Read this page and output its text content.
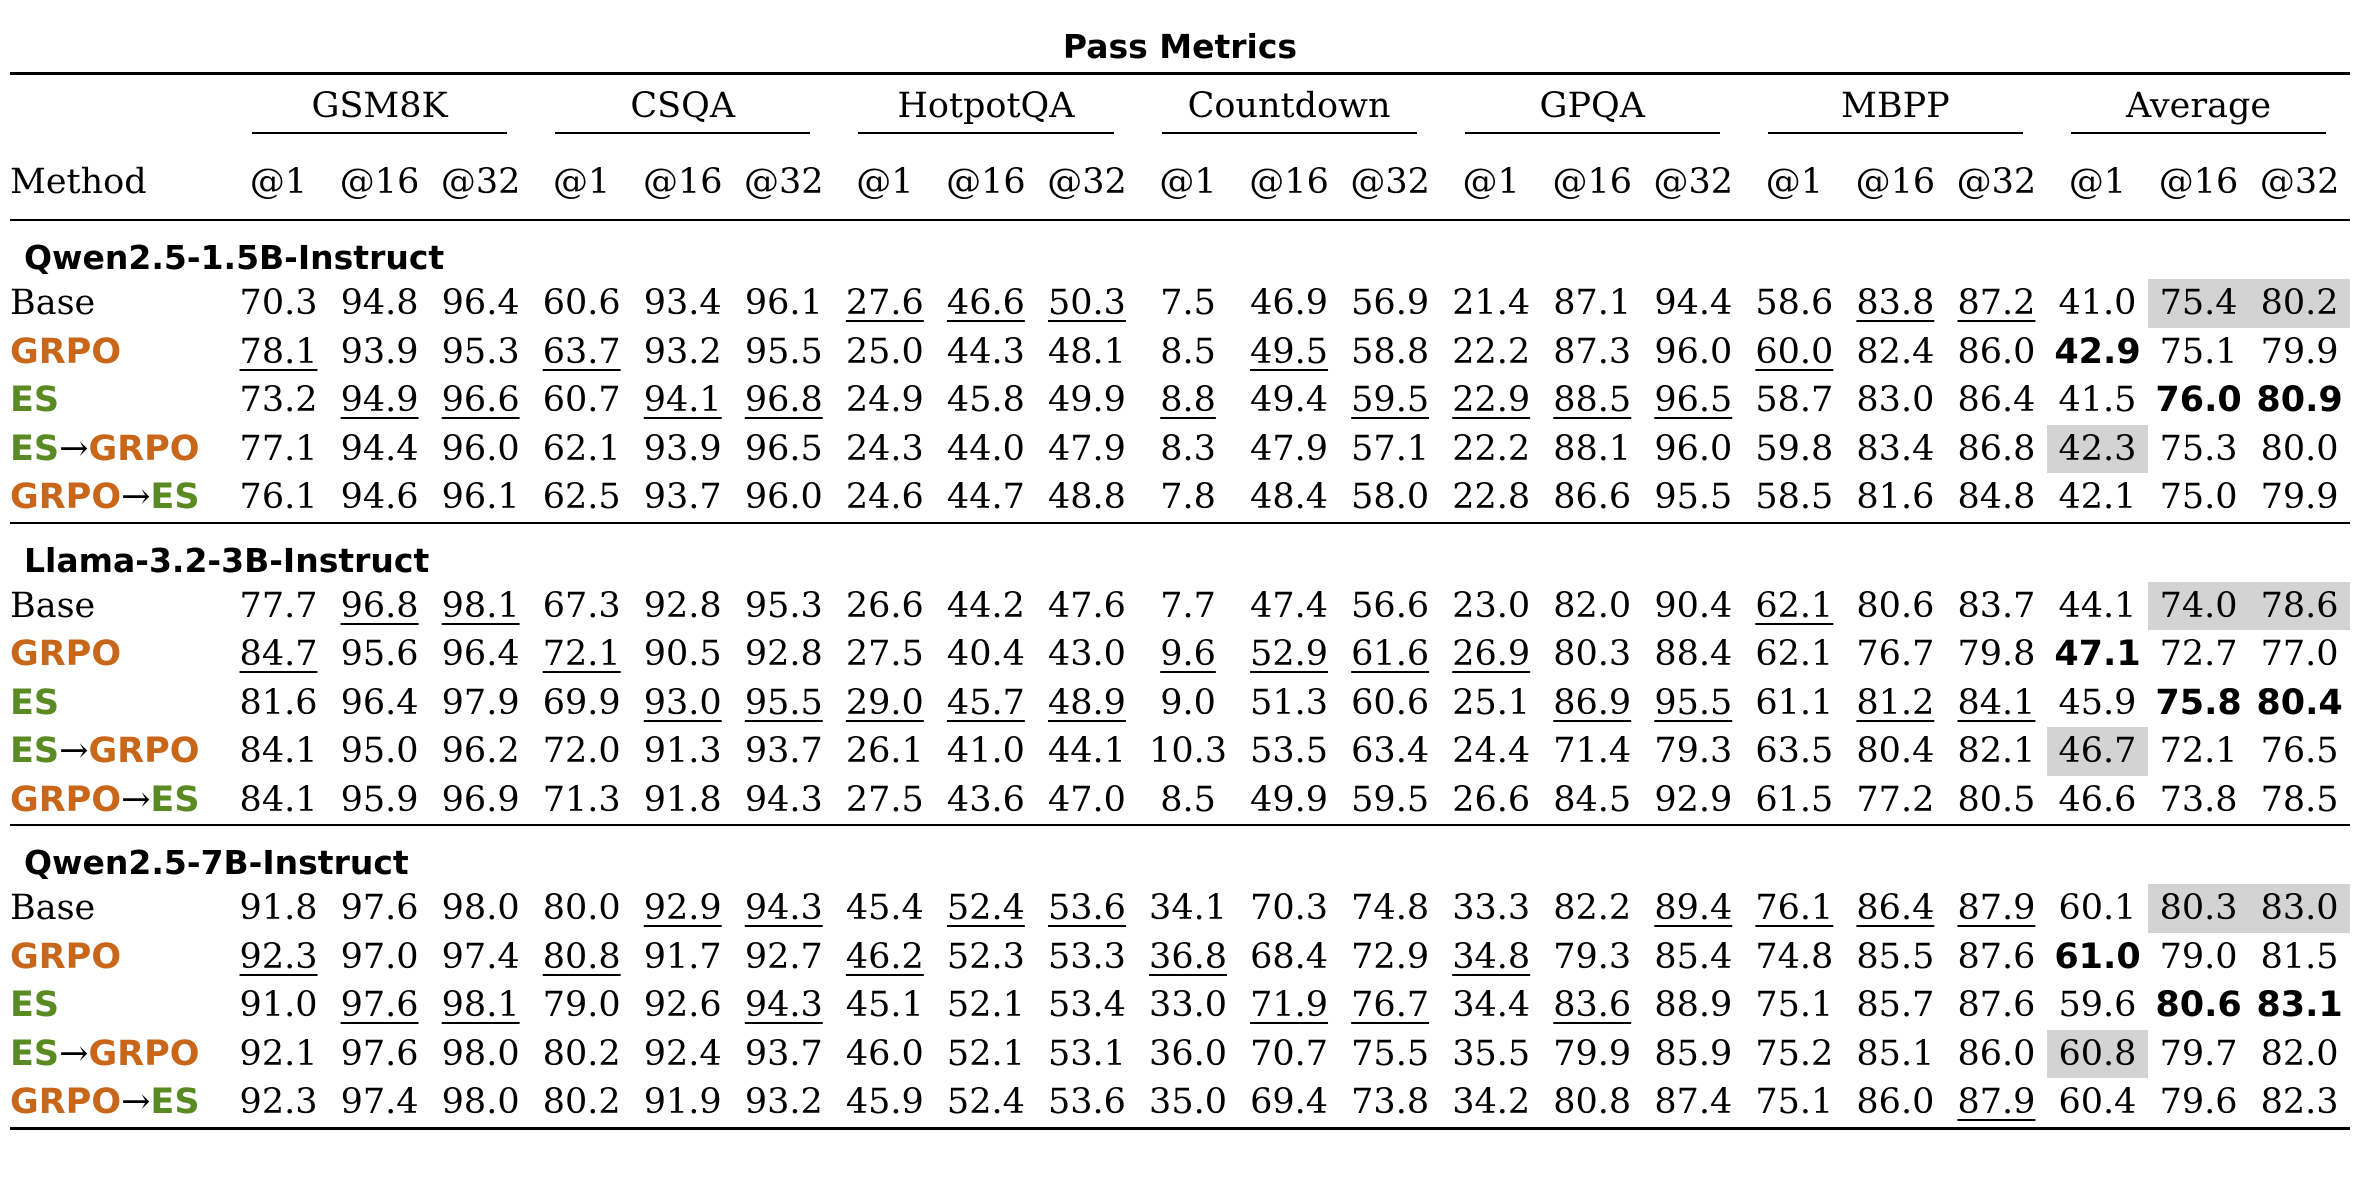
Pass Metrics
	GSM8K			CSQA			HotpotQA			Countdown			GPQA			MBPP			Average		
Method	@1	@16	@32	@1	@16	@32	@1	@16	@32	@1	@16	@32	@1	@16	@32	@1	@16	@32	@1	@16	@32
Qwen2.5-1.5B-Instruct																					
Base	70.3	94.8	96.4	60.6	93.4	96.1	27.6	46.6	50.3	7.5	46.9	56.9	21.4	87.1	94.4	58.6	83.8	87.2	41.0	75.4	80.2
GRPO	78.1	93.9	95.3	63.7	93.2	95.5	25.0	44.3	48.1	8.5	49.5	58.8	22.2	87.3	96.0	60.0	82.4	86.0	42.9	75.1	79.9
ES	73.2	94.9	96.6	60.7	94.1	96.8	24.9	45.8	49.9	8.8	49.4	59.5	22.9	88.5	96.5	58.7	83.0	86.4	41.5	76.0	80.9
ES→GRPO	77.1	94.4	96.0	62.1	93.9	96.5	24.3	44.0	47.9	8.3	47.9	57.1	22.2	88.1	96.0	59.8	83.4	86.8	42.3	75.3	80.0
GRPO→ES	76.1	94.6	96.1	62.5	93.7	96.0	24.6	44.7	48.8	7.8	48.4	58.0	22.8	86.6	95.5	58.5	81.6	84.8	42.1	75.0	79.9
Llama-3.2-3B-Instruct																					
Base	77.7	96.8	98.1	67.3	92.8	95.3	26.6	44.2	47.6	7.7	47.4	56.6	23.0	82.0	90.4	62.1	80.6	83.7	44.1	74.0	78.6
GRPO	84.7	95.6	96.4	72.1	90.5	92.8	27.5	40.4	43.0	9.6	52.9	61.6	26.9	80.3	88.4	62.1	76.7	79.8	47.1	72.7	77.0
ES	81.6	96.4	97.9	69.9	93.0	95.5	29.0	45.7	48.9	9.0	51.3	60.6	25.1	86.9	95.5	61.1	81.2	84.1	45.9	75.8	80.4
ES→GRPO	84.1	95.0	96.2	72.0	91.3	93.7	26.1	41.0	44.1	10.3	53.5	63.4	24.4	71.4	79.3	63.5	80.4	82.1	46.7	72.1	76.5
GRPO→ES	84.1	95.9	96.9	71.3	91.8	94.3	27.5	43.6	47.0	8.5	49.9	59.5	26.6	84.5	92.9	61.5	77.2	80.5	46.6	73.8	78.5
Qwen2.5-7B-Instruct																					
Base	91.8	97.6	98.0	80.0	92.9	94.3	45.4	52.4	53.6	34.1	70.3	74.8	33.3	82.2	89.4	76.1	86.4	87.9	60.1	80.3	83.0
GRPO	92.3	97.0	97.4	80.8	91.7	92.7	46.2	52.3	53.3	36.8	68.4	72.9	34.8	79.3	85.4	74.8	85.5	87.6	61.0	79.0	81.5
ES	91.0	97.6	98.1	79.0	92.6	94.3	45.1	52.1	53.4	33.0	71.9	76.7	34.4	83.6	88.9	75.1	85.7	87.6	59.6	80.6	83.1
ES→GRPO	92.1	97.6	98.0	80.2	92.4	93.7	46.0	52.1	53.1	36.0	70.7	75.5	35.5	79.9	85.9	75.2	85.1	86.0	60.8	79.7	82.0
GRPO→ES	92.3	97.4	98.0	80.2	91.9	93.2	45.9	52.4	53.6	35.0	69.4	73.8	34.2	80.8	87.4	75.1	86.0	87.9	60.4	79.6	82.3
